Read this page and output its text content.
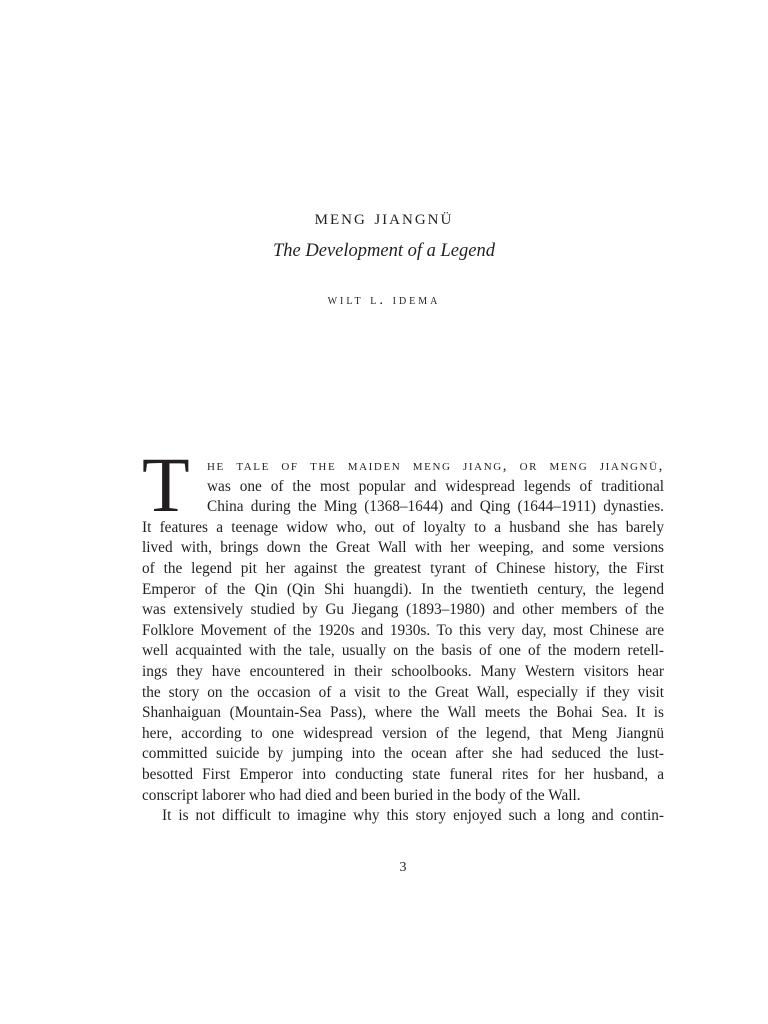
meng jiangnü
The Development of a Legend
wilt l. idema
T	he tale of the maiden meng jiang, or meng jiangnü,
was one of the most popular and widespread legends of traditional
China during the Ming (1368–1644) and Qing (1644–1911) dynasties.
It features a teenage widow who, out of loyalty to a husband she has barely
lived with, brings down the Great Wall with her weeping, and some versions
of the legend pit her against the greatest tyrant of Chinese history, the First
Emperor of the Qin (Qin Shi huangdi). In the twentieth century, the legend
was extensively studied by Gu Jiegang (1893–1980) and other members of the
Folklore Movement of the 1920s and 1930s. To this very day, most Chinese are
well acquainted with the tale, usually on the basis of one of the modern retell-
ings they have encountered in their schoolbooks. Many Western visitors hear
the story on the occasion of a visit to the Great Wall, especially if they visit
Shanhaiguan (Mountain-Sea Pass), where the Wall meets the Bohai Sea. It is
here, according to one widespread version of the legend, that Meng Jiangnü
committed suicide by jumping into the ocean after she had seduced the lust-
besotted First Emperor into conducting state funeral rites for her husband, a
conscript laborer who had died and been buried in the body of the Wall.
It is not difficult to imagine why this story enjoyed such a long and contin-
3
